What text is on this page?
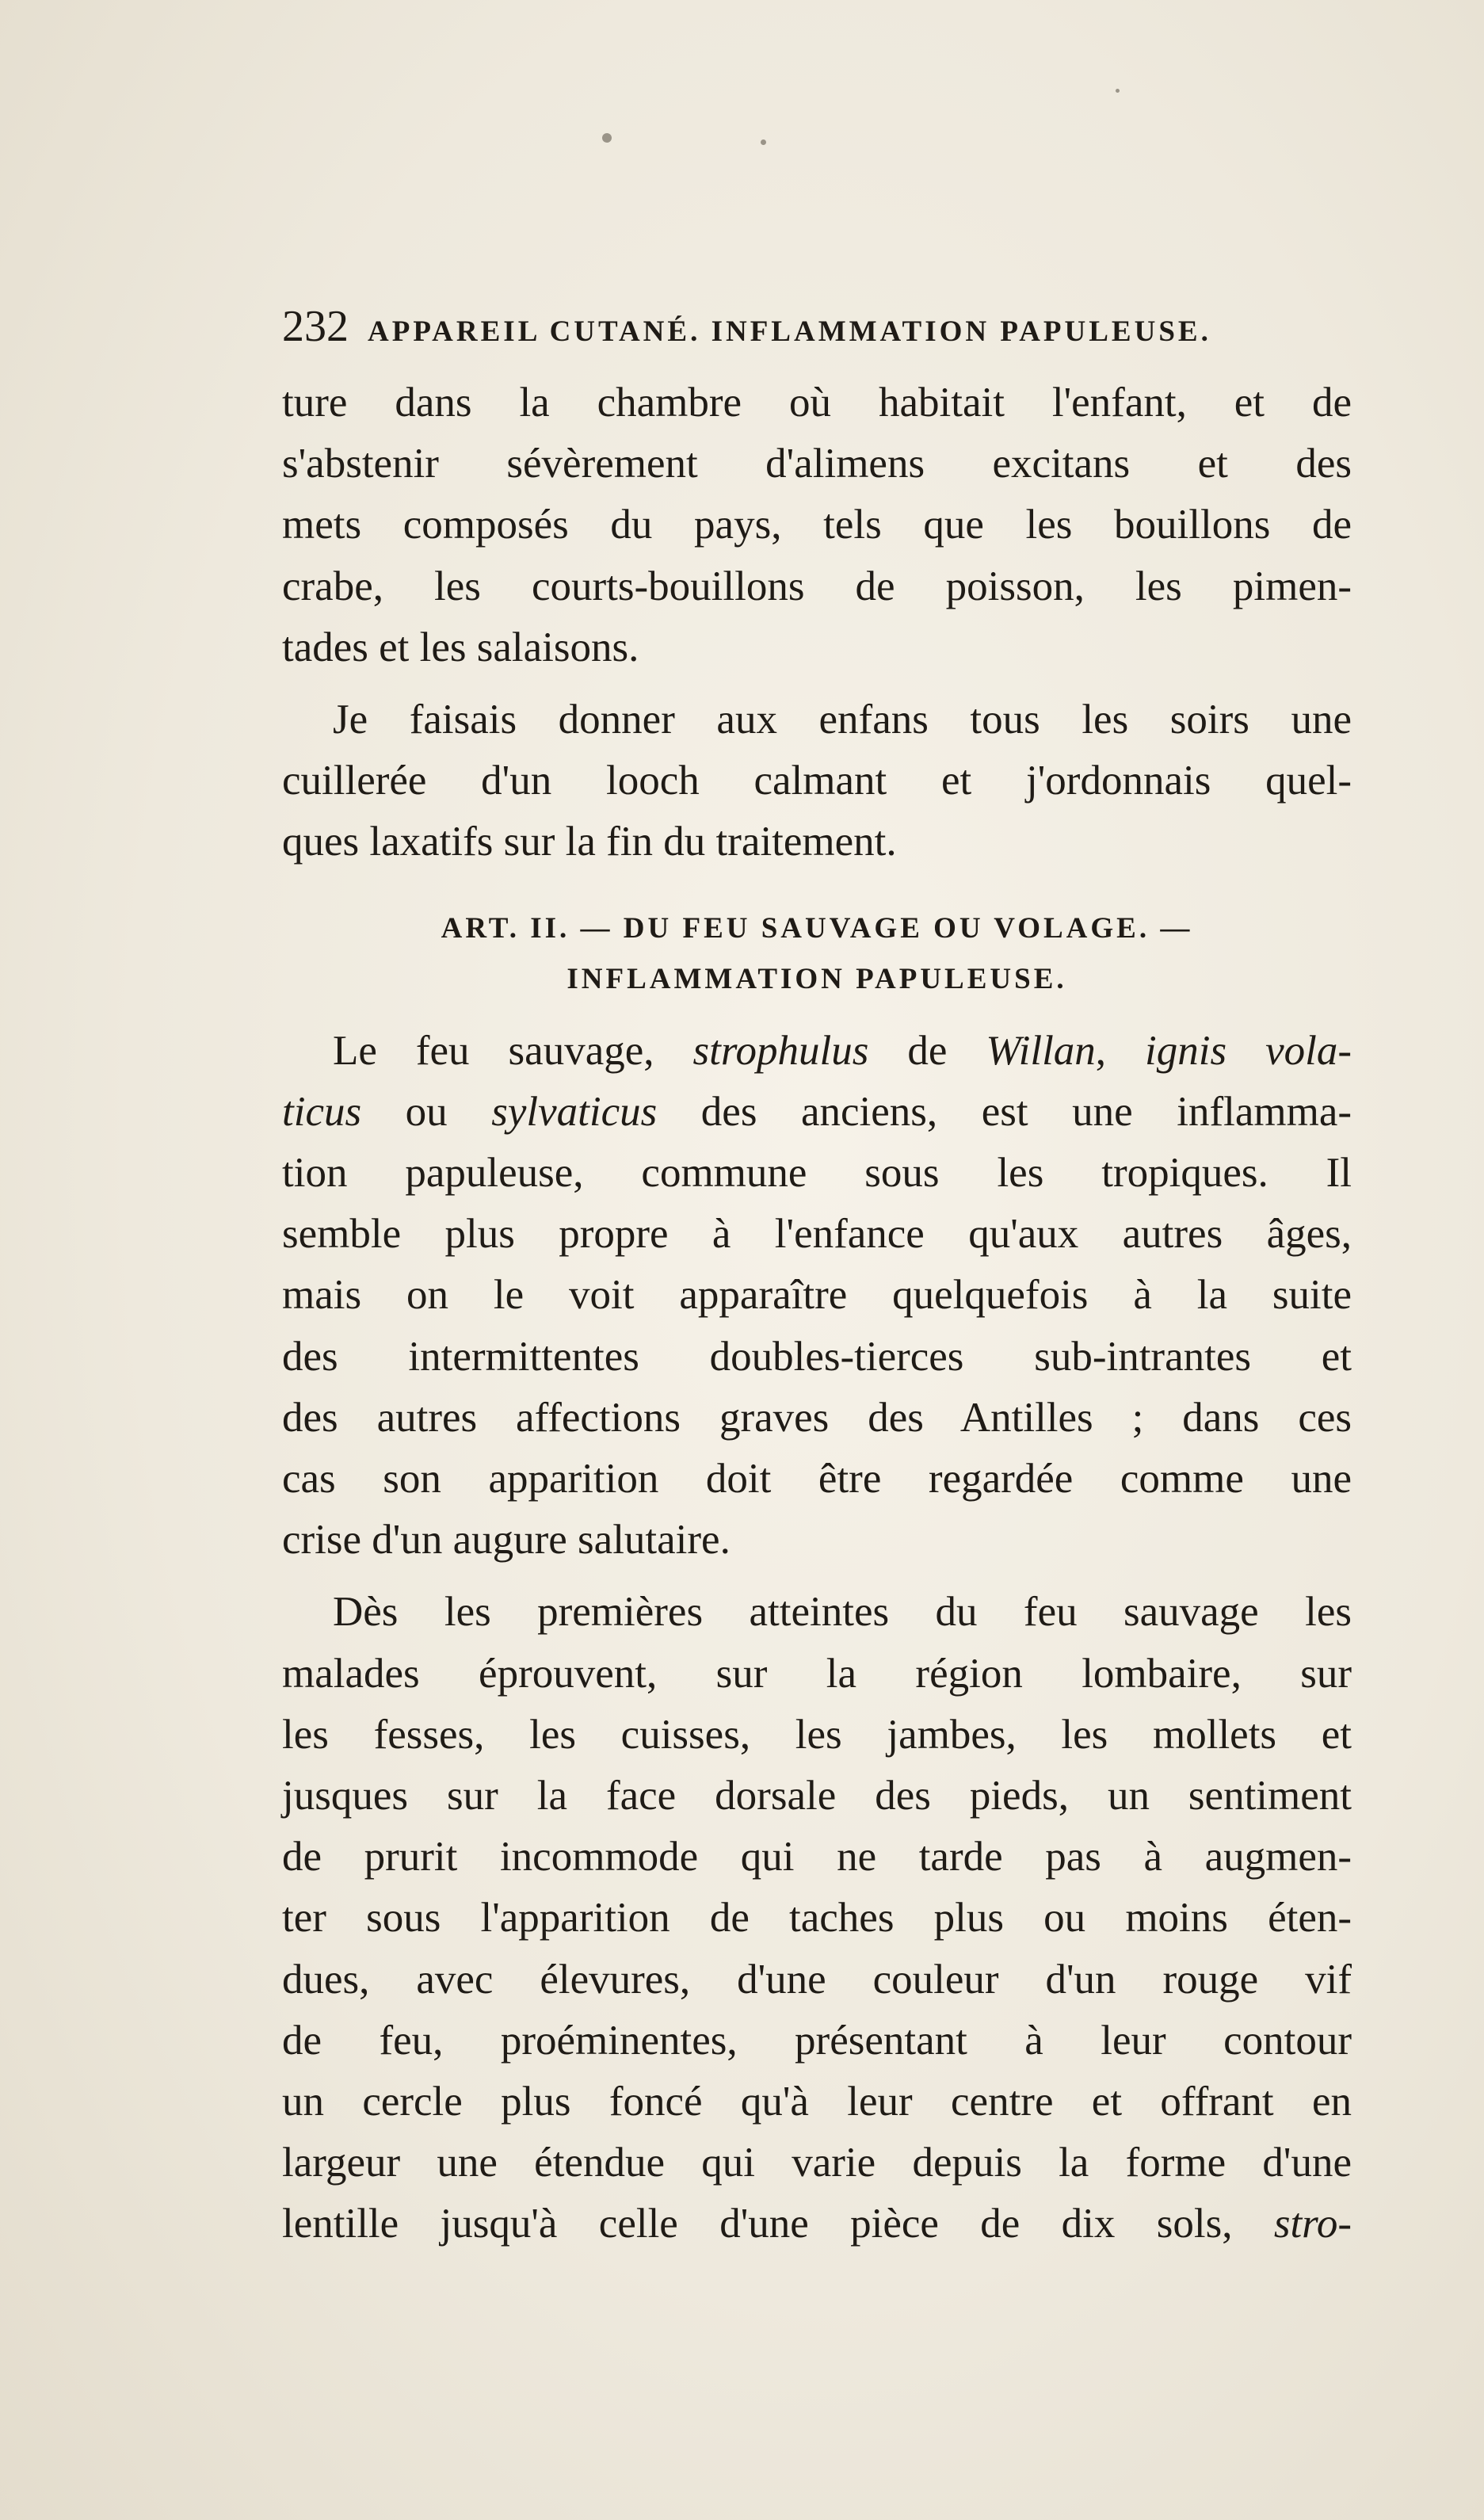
232 APPAREIL CUTANÉ. INFLAMMATION PAPULEUSE.

ture dans la chambre où habitait l'enfant, et de
s'abstenir sévèrement d'alimens excitans et des
mets composés du pays, tels que les bouillons de
crabe, les courts-bouillons de poisson, les pimen-
tades et les salaisons.

Je faisais donner aux enfans tous les soirs une
cuillerée d'un looch calmant et j'ordonnais quel-
ques laxatifs sur la fin du traitement.

ART. II. — DU FEU SAUVAGE OU VOLAGE. —
INFLAMMATION PAPULEUSE.

Le feu sauvage, strophulus de Willan, ignis vola-
ticus ou sylvaticus des anciens, est une inflamma-
tion papuleuse, commune sous les tropiques. Il
semble plus propre à l'enfance qu'aux autres âges,
mais on le voit apparaître quelquefois à la suite
des intermittentes doubles-tierces sub-intrantes et
des autres affections graves des Antilles ; dans ces
cas son apparition doit être regardée comme une
crise d'un augure salutaire.

Dès les premières atteintes du feu sauvage les
malades éprouvent, sur la région lombaire, sur
les fesses, les cuisses, les jambes, les mollets et
jusques sur la face dorsale des pieds, un sentiment
de prurit incommode qui ne tarde pas à augmen-
ter sous l'apparition de taches plus ou moins éten-
dues, avec élevures, d'une couleur d'un rouge vif
de feu, proéminentes, présentant à leur contour
un cercle plus foncé qu'à leur centre et offrant en
largeur une étendue qui varie depuis la forme d'une
lentille jusqu'à celle d'une pièce de dix sols, stro-
